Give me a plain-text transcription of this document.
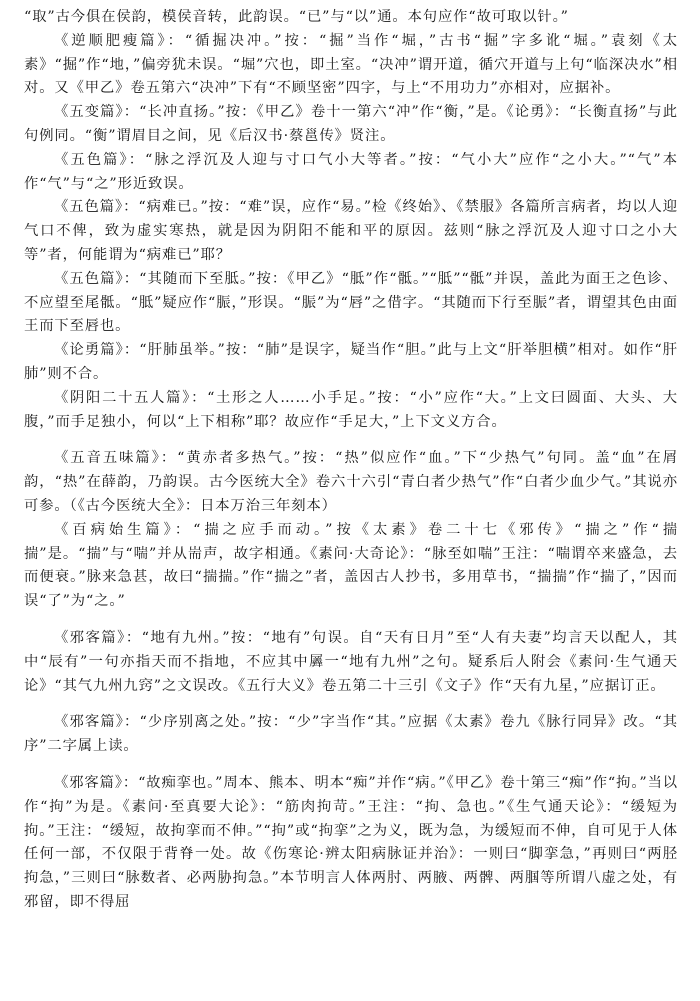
“取”古今俱在侯韵，模侯音转，此韵误。“已”与“以”通。本句应作“故可取以针。”

《逆顺肥瘦篇》：“循掘决冲。”按：“掘”当作“堀，”古书“掘”字多讹“堀。”袁刻《太素》“掘”作“地，”偏旁犹未误。“堀”穴也，即土室。“决冲”谓开道，循穴开道与上句“临深决水”相对。又《甲乙》卷五第六“决冲”下有“不顾坚密”四字，与上“不用功力”亦相对，应据补。

《五变篇》：“长冲直扬。”按：《甲乙》卷十一第六“冲”作“衡，”是。《论勇》：“长衡直扬”与此句例同。“衡”谓眉目之间，见《后汉书·蔡邕传》贤注。

《五色篇》：“脉之浮沉及人迎与寸口气小大等者。”按：“气小大”应作“之小大。”“气”本作“气”与“之”形近致误。

《五色篇》：“病难已。”按：“难”误，应作“易。”检《终始》、《禁服》各篇所言病者，均以人迎气口不俾，致为虚实寒热，就是因为阴阳不能和平的原因。兹则“脉之浮沉及人迎寸口之小大等”者，何能谓为“病难已”耶？

《五色篇》：“其随而下至胝。”按：《甲乙》“胝”作“骶。”“胝”“骶”并误，盖此为面王之色诊、不应望至尾骶。“胝”疑应作“脤，”形误。“脤”为“唇”之借字。“其随而下行至脤”者，谓望其色由面王而下至唇也。

《论勇篇》：“肝肺虽举。”按：“肺”是误字，疑当作“胆。”此与上文“肝举胆横”相对。如作“肝肺”则不合。

《阴阳二十五人篇》：“土形之人……小手足。”按：“小”应作“大。”上文曰圆面、大头、大腹，”而手足独小，何以“上下相称”耶？故应作“手足大，”上下文义方合。

《五音五味篇》：“黄赤者多热气。”按：“热”似应作“血。”下“少热气”句同。盖“血”在屑韵，“热”在薛韵，乃韵误。古今医统大全》卷六十六引“青白者少热气”作“白者少血少气。”其说亦可参。（《古今医统大全》：日本万治三年刻本）

《百病始生篇》：“揣之应手而动。”按《太素》卷二十七《邪传》“揣之”作“揣揣”是。“揣”与“喘”并从耑声，故字相通。《素问·大奇论》：“脉至如喘”王注：“喘谓卒来盛急，去而便衰。”脉来急甚，故曰“揣揣。”作“揣之”者，盖因古人抄书，多用草书，“揣揣”作“揣了，”因而误“了”为“之。”

《邪客篇》：“地有九州。”按：“地有”句误。自“天有日月”至“人有夫妻”均言天以配人，其中“辰有”一句亦指天而不指地，不应其中羼一“地有九州”之句。疑系后人附会《素问·生气通天论》“其气九州九窍”之文误改。《五行大义》卷五第二十三引《文子》作“天有九星，”应据订正。

《邪客篇》：“少序别离之处。”按：“少”字当作“其。”应据《太素》卷九《脉行同异》改。“其序”二字属上读。

《邪客篇》：“故痴挛也。”周本、熊本、明本“痴”并作“病。”《甲乙》卷十第三“痴”作“拘。”当以作“拘”为是。《素问·至真要大论》：“筋肉拘苛。”王注：“拘、急也。”《生气通天论》：“缓短为拘。”王注：“缓短，故拘挛而不伸。”“拘”或“拘挛”之为义，既为急，为缓短而不伸，自可见于人体任何一部，不仅限于背脊一处。故《伤寒论·辨太阳病脉证并治》：一则曰“脚挛急，”再则曰“两胫拘急，”三则曰“脉数者、必两胁拘急。”本节明言人体两肘、两腋、两髀、两腘等所谓八虚之处，有邪留，即不得屈
